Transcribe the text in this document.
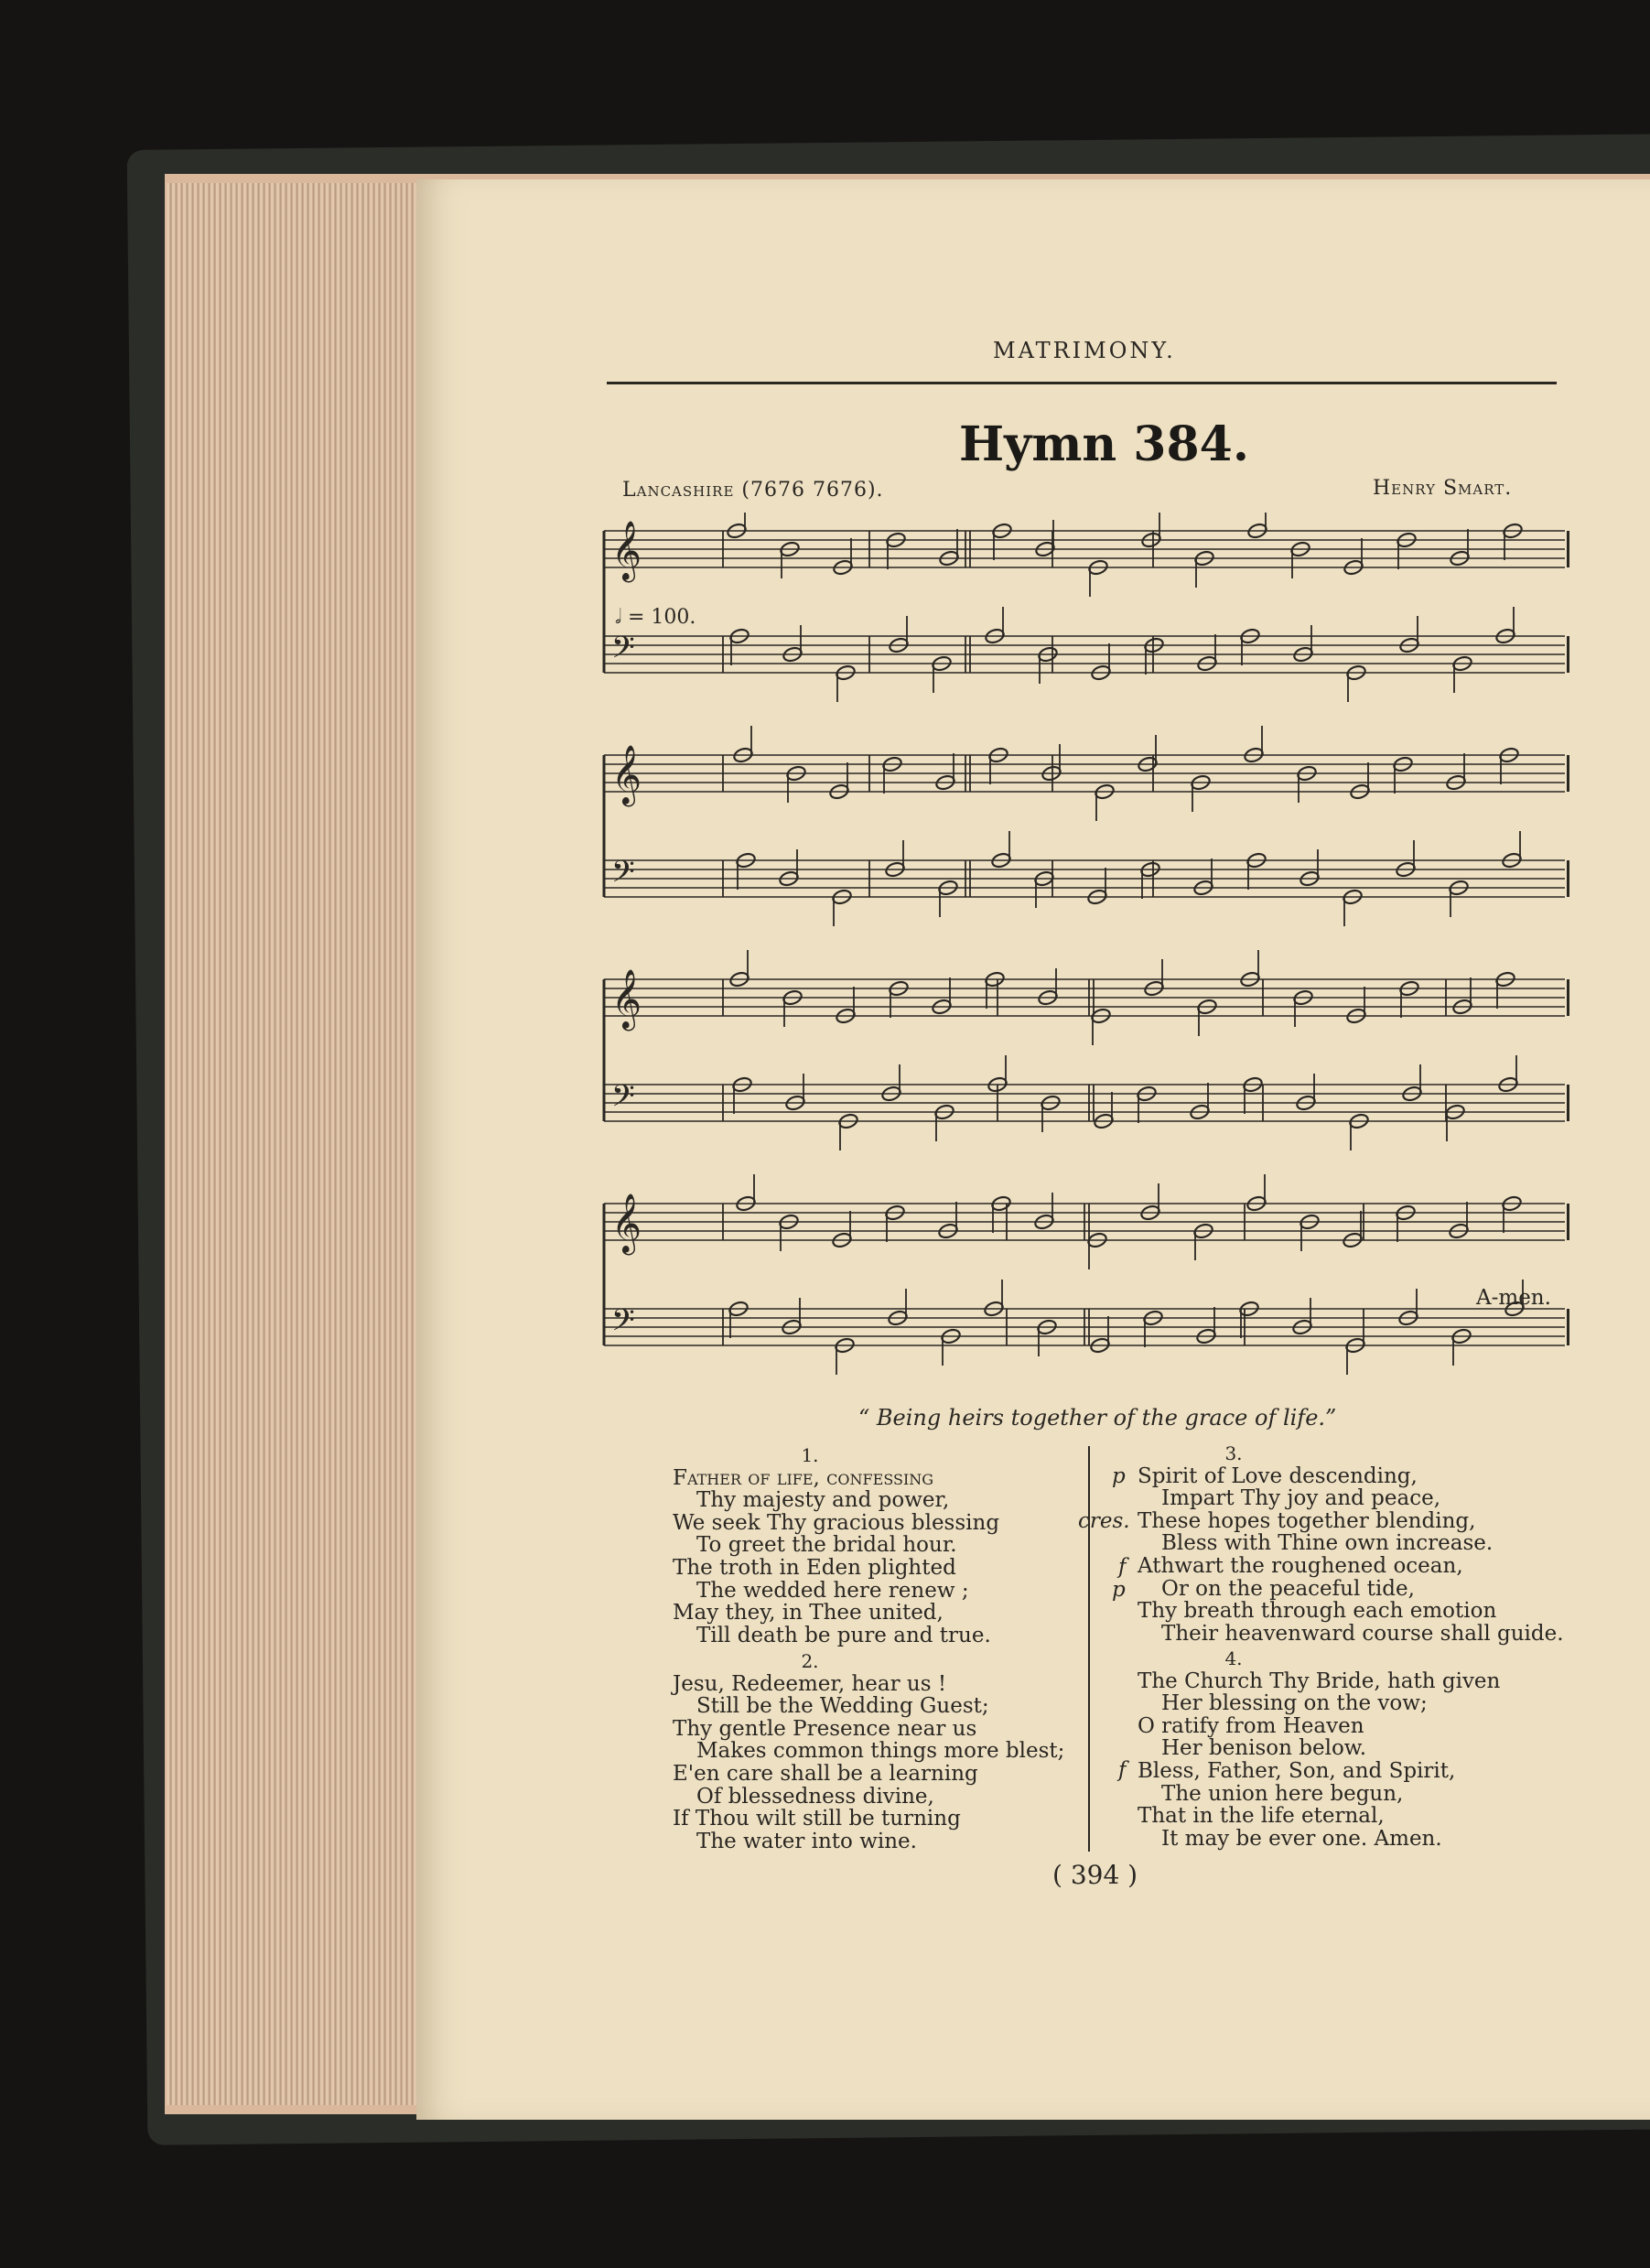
MATRIMONY.
Hymn 384.
Lancashire (7676 7676).	Henry Smart.
𝄞
𝄢
𝄞
𝄢
𝄞
𝄢
𝄞
𝄢
𝅗𝅥 = 100.
A-men.
“ Being heirs together of the grace of life.”
1.
Father of life, confessing
Thy majesty and power,
We seek Thy gracious blessing
To greet the bridal hour.
The troth in Eden plighted
The wedded here renew ;
May they, in Thee united,
Till death be pure and true.
2.
Jesu, Redeemer, hear us !
Still be the Wedding Guest;
Thy gentle Presence near us
Makes common things more blest;
E'en care shall be a learning
Of blessedness divine,
If Thou wilt still be turning
The water into wine.
p
cres.
f
p
f
3.
Spirit of Love descending,
Impart Thy joy and peace,
These hopes together blending,
Bless with Thine own increase.
Athwart the roughened ocean,
Or on the peaceful tide,
Thy breath through each emotion
Their heavenward course shall guide.
4.
The Church Thy Bride, hath given
Her blessing on the vow;
O ratify from Heaven
Her benison below.
Bless, Father, Son, and Spirit,
The union here begun,
That in the life eternal,
It may be ever one. Amen.
( 394 )
